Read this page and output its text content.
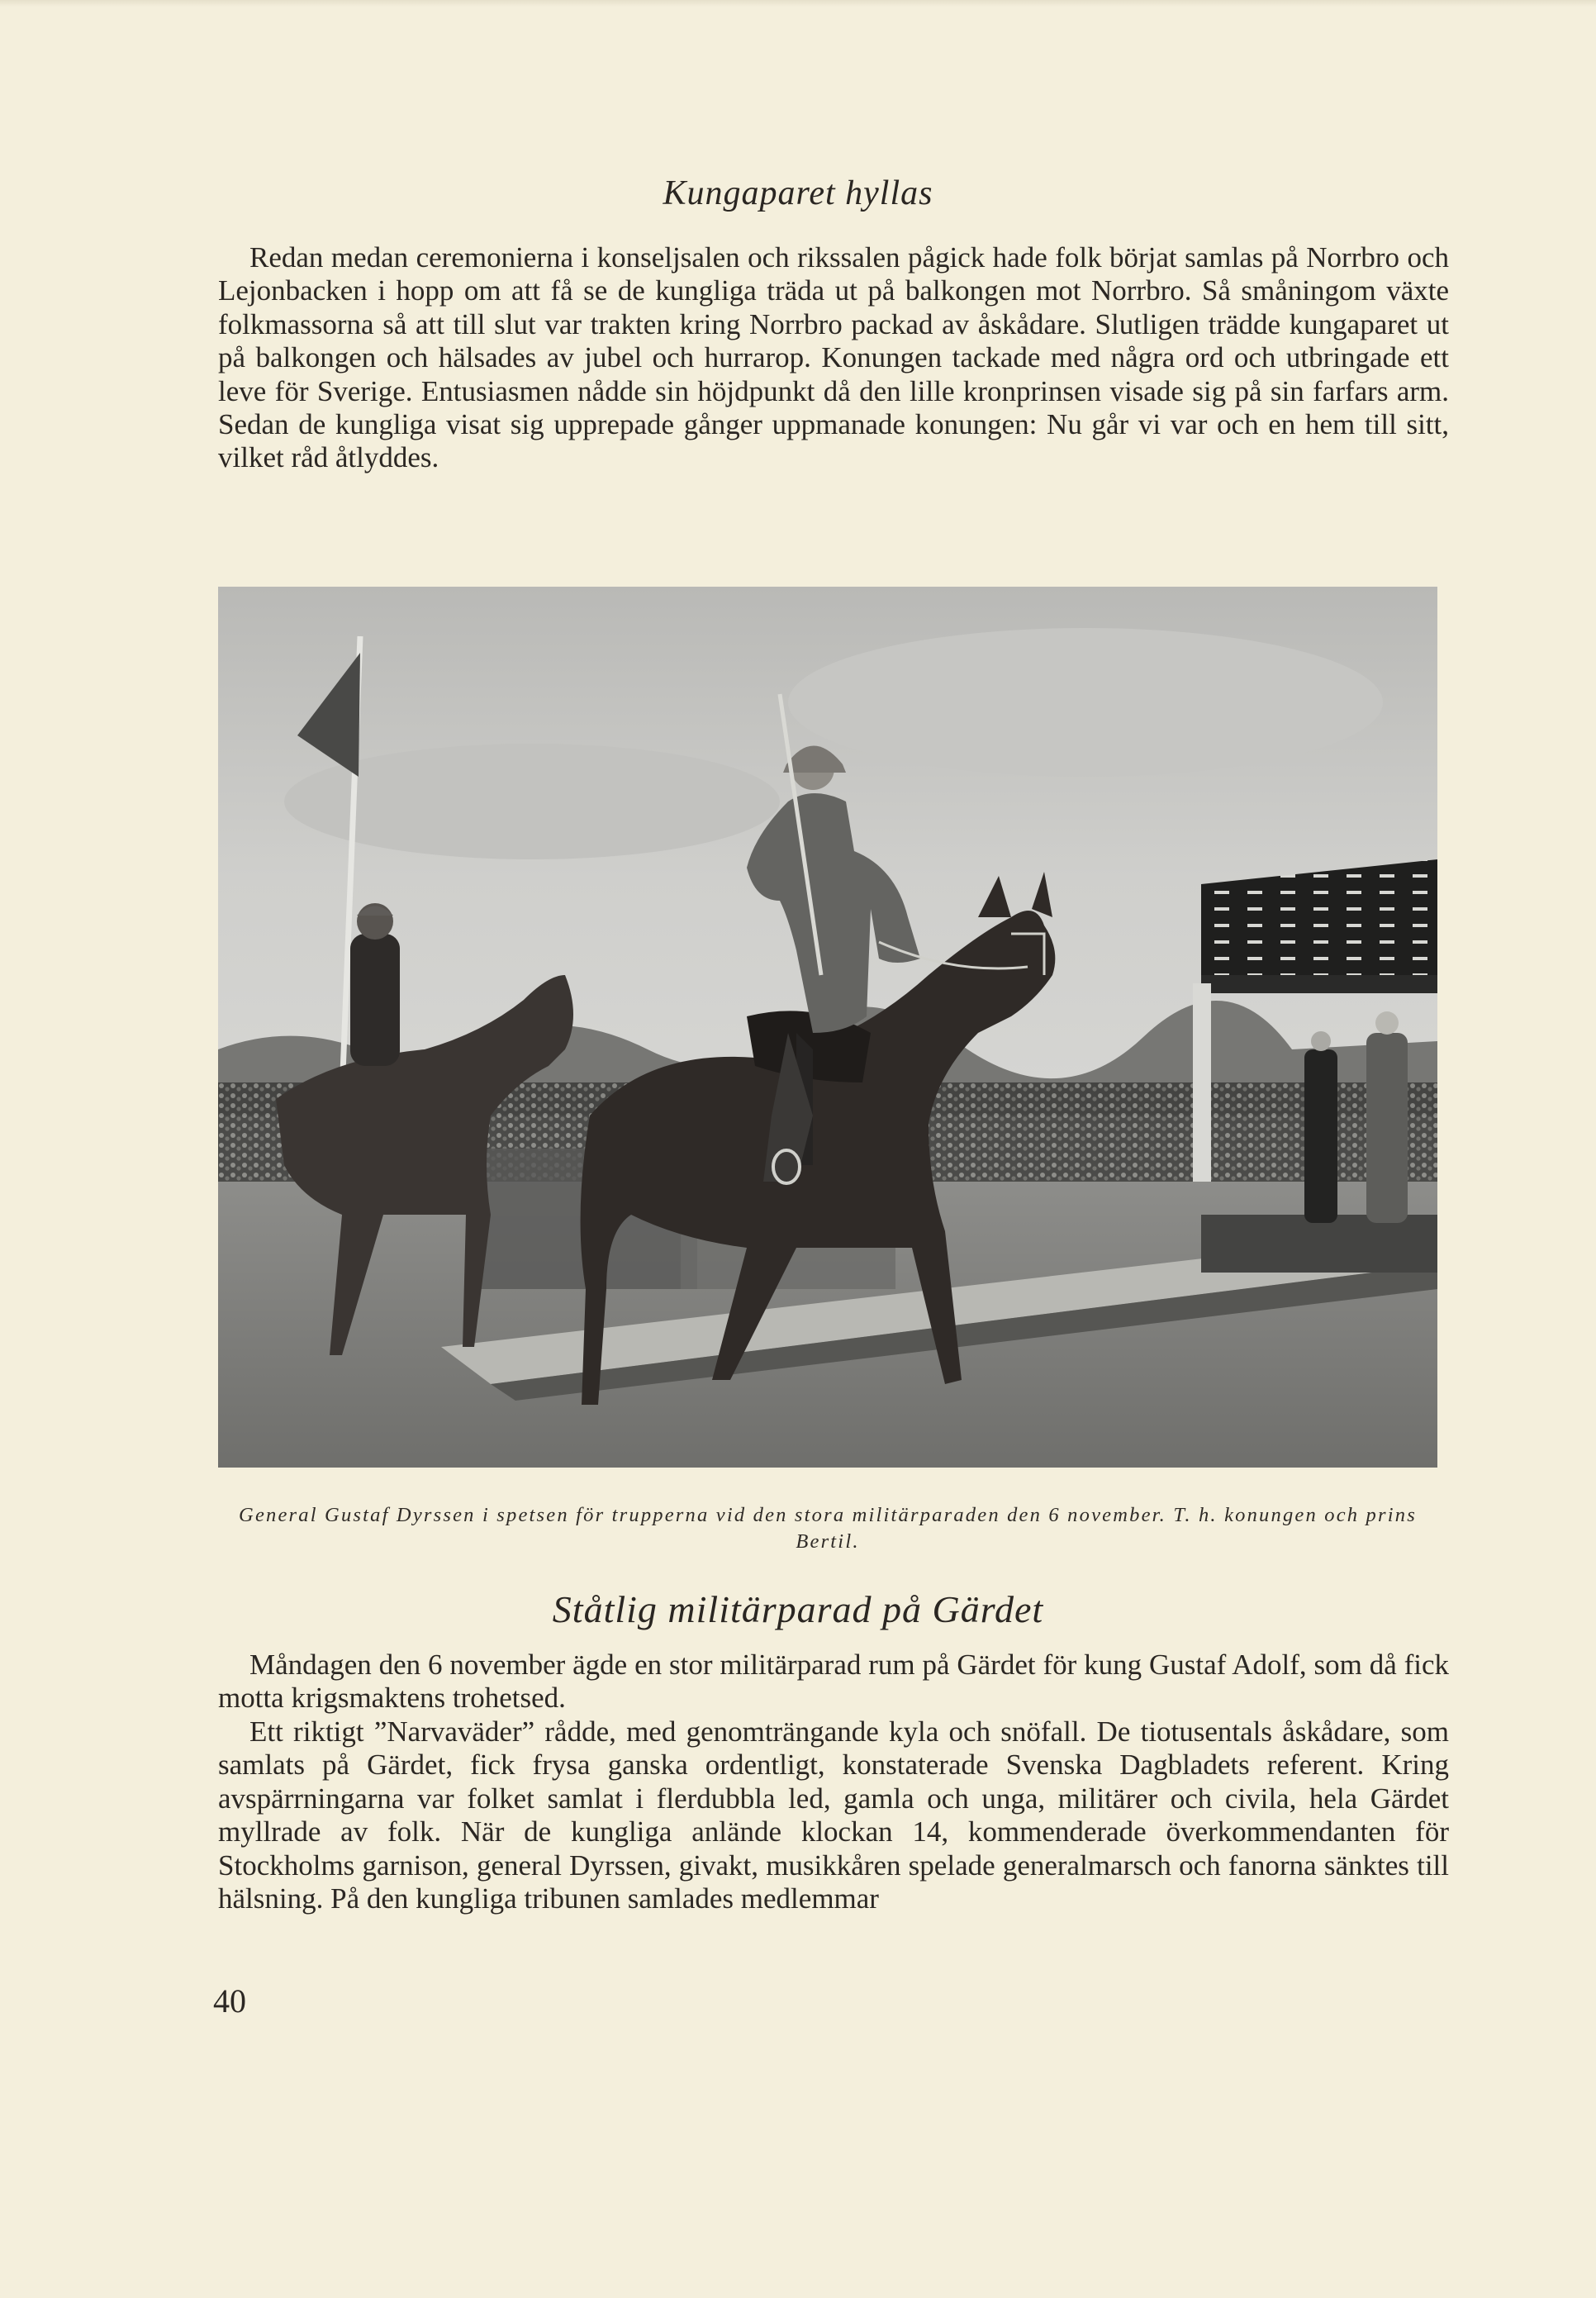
Kungaparet hyllas

Redan medan ceremonierna i konseljsalen och rikssalen pågick hade folk börjat samlas på Norrbro och Lejonbacken i hopp om att få se de kungliga träda ut på balkongen mot Norrbro. Så småningom växte folkmassorna så att till slut var trakten kring Norrbro packad av åskådare. Slutligen trädde kungaparet ut på balkongen och hälsades av jubel och hurrarop. Konungen tackade med några ord och utbringade ett leve för Sverige. Entusiasmen nådde sin höjdpunkt då den lille kronprinsen visade sig på sin farfars arm. Sedan de kungliga visat sig upprepade gånger uppmanade konungen: Nu går vi var och en hem till sitt, vilket råd åtlyddes.

General Gustaf Dyrssen i spetsen för trupperna vid den stora militärparaden den 6 november. T. h. konungen och prins Bertil.

Ståtlig militärparad på Gärdet

Måndagen den 6 november ägde en stor militärparad rum på Gärdet för kung Gustaf Adolf, som då fick motta krigsmaktens trohetsed.

Ett riktigt ”Narvaväder” rådde, med genomträngande kyla och snöfall. De tiotusentals åskådare, som samlats på Gärdet, fick frysa ganska ordentligt, konstaterade Svenska Dagbladets referent. Kring avspärrningarna var folket samlat i flerdubbla led, gamla och unga, militärer och civila, hela Gärdet myllrade av folk. När de kungliga anlände klockan 14, kommenderade överkommendanten för Stockholms garnison, general Dyrssen, givakt, musikkåren spelade generalmarsch och fanorna sänktes till hälsning. På den kungliga tribunen samlades medlemmar

40
